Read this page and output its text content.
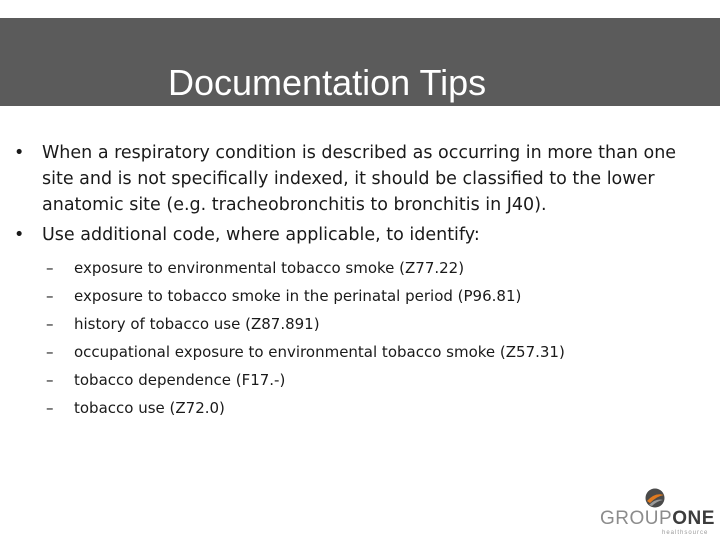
Documentation Tips
•	When a respiratory condition is described as occurring in more than one site and is not specifically indexed, it should be classified to the lower anatomic site (e.g. tracheobronchitis to bronchitis in J40).
•	Use additional code, where applicable, to identify:
– exposure to environmental tobacco smoke (Z77.22)
– exposure to tobacco smoke in the perinatal period (P96.81)
– history of tobacco use (Z87.891)
– occupational exposure to environmental tobacco smoke (Z57.31)
– tobacco dependence (F17.-)
– tobacco use (Z72.0)
GROUPONE
healthsource
